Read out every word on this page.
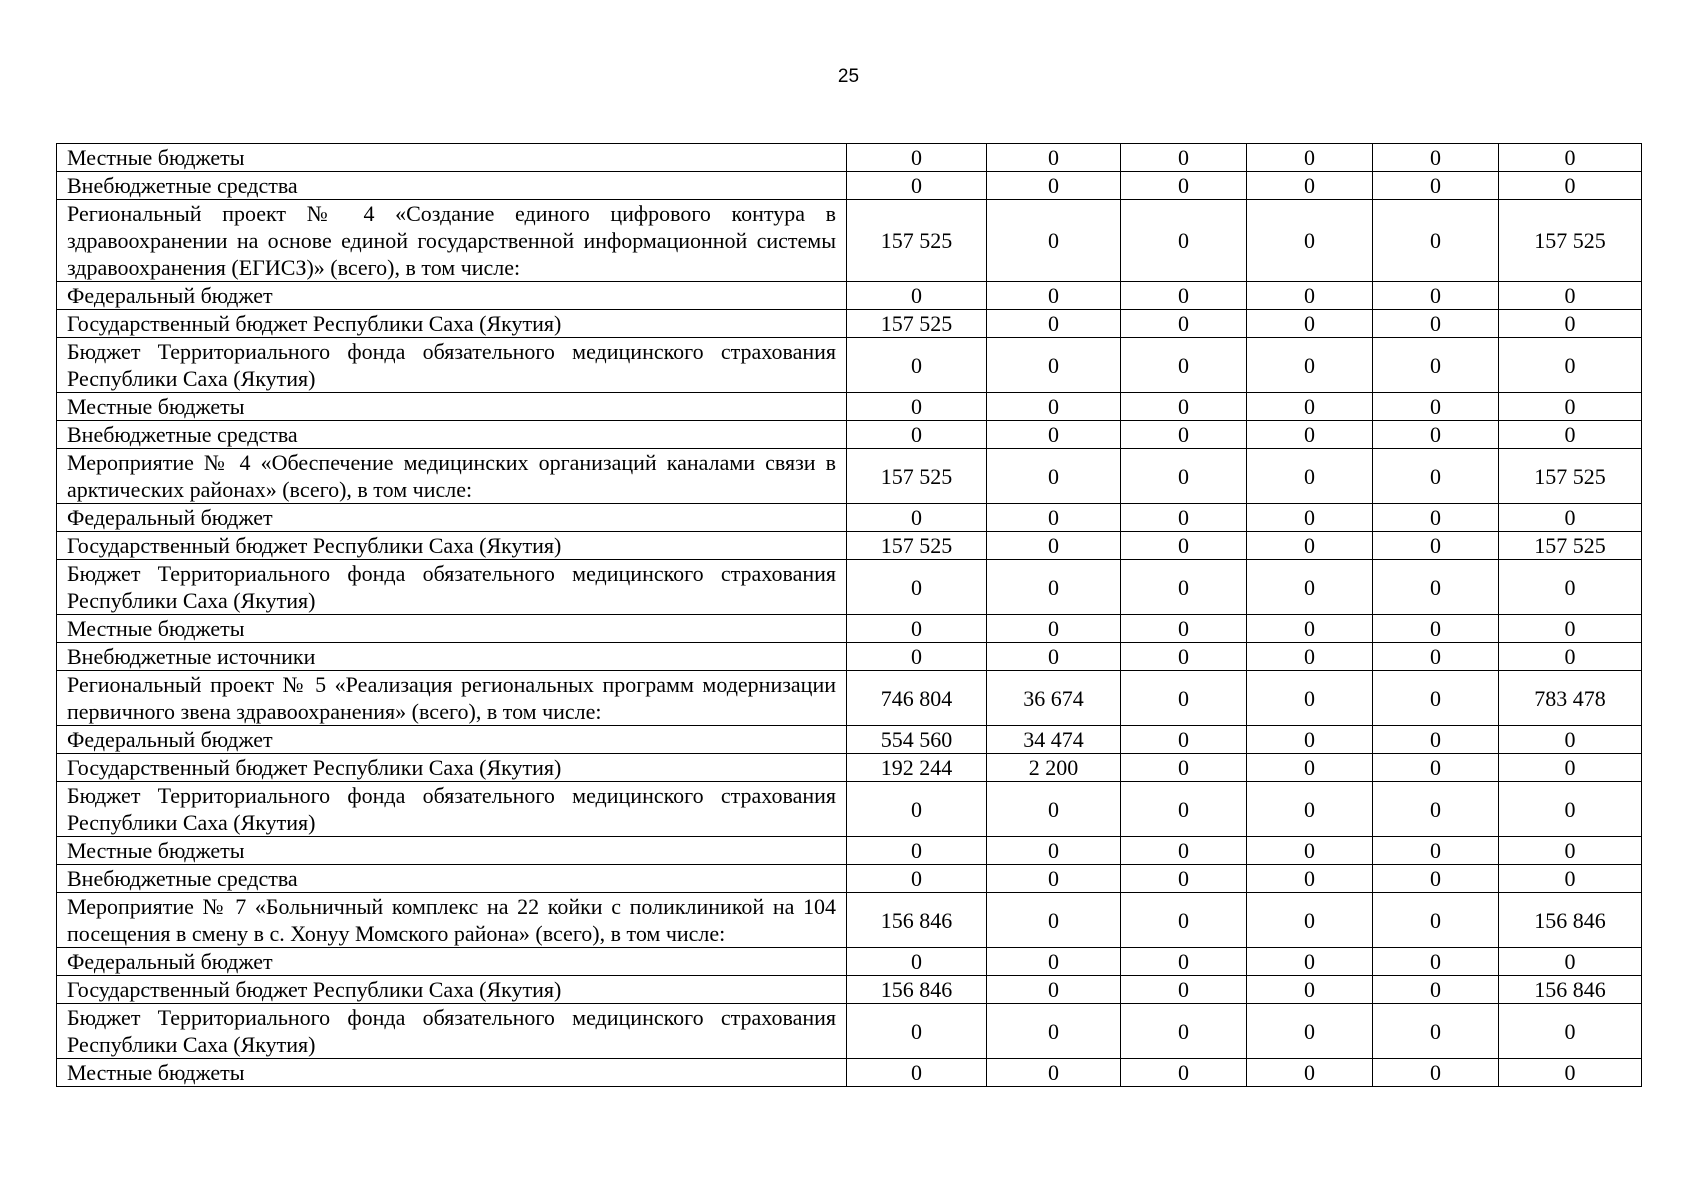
25
Местные бюджеты	0	0	0	0	0	0
Внебюджетные средства	0	0	0	0	0	0
Региональный проект № 4 «Создание единого цифрового контура в здравоохранении на основе единой государственной информационной системы здравоохранения (ЕГИСЗ)» (всего), в том числе:	157 525	0	0	0	0	157 525
Федеральный бюджет	0	0	0	0	0	0
Государственный бюджет Республики Саха (Якутия)	157 525	0	0	0	0	0
Бюджет Территориального фонда обязательного медицинского страхования Республики Саха (Якутия)	0	0	0	0	0	0
Местные бюджеты	0	0	0	0	0	0
Внебюджетные средства	0	0	0	0	0	0
Мероприятие № 4 «Обеспечение медицинских организаций каналами связи в арктических районах» (всего), в том числе:	157 525	0	0	0	0	157 525
Федеральный бюджет	0	0	0	0	0	0
Государственный бюджет Республики Саха (Якутия)	157 525	0	0	0	0	157 525
Бюджет Территориального фонда обязательного медицинского страхования Республики Саха (Якутия)	0	0	0	0	0	0
Местные бюджеты	0	0	0	0	0	0
Внебюджетные источники	0	0	0	0	0	0
Региональный проект № 5 «Реализация региональных программ модернизации первичного звена здравоохранения» (всего), в том числе:	746 804	36 674	0	0	0	783 478
Федеральный бюджет	554 560	34 474	0	0	0	0
Государственный бюджет Республики Саха (Якутия)	192 244	2 200	0	0	0	0
Бюджет Территориального фонда обязательного медицинского страхования Республики Саха (Якутия)	0	0	0	0	0	0
Местные бюджеты	0	0	0	0	0	0
Внебюджетные средства	0	0	0	0	0	0
Мероприятие № 7 «Больничный комплекс на 22 койки с поликлиникой на 104 посещения в смену в с. Хонуу Момского района» (всего), в том числе:	156 846	0	0	0	0	156 846
Федеральный бюджет	0	0	0	0	0	0
Государственный бюджет Республики Саха (Якутия)	156 846	0	0	0	0	156 846
Бюджет Территориального фонда обязательного медицинского страхования Республики Саха (Якутия)	0	0	0	0	0	0
Местные бюджеты	0	0	0	0	0	0
